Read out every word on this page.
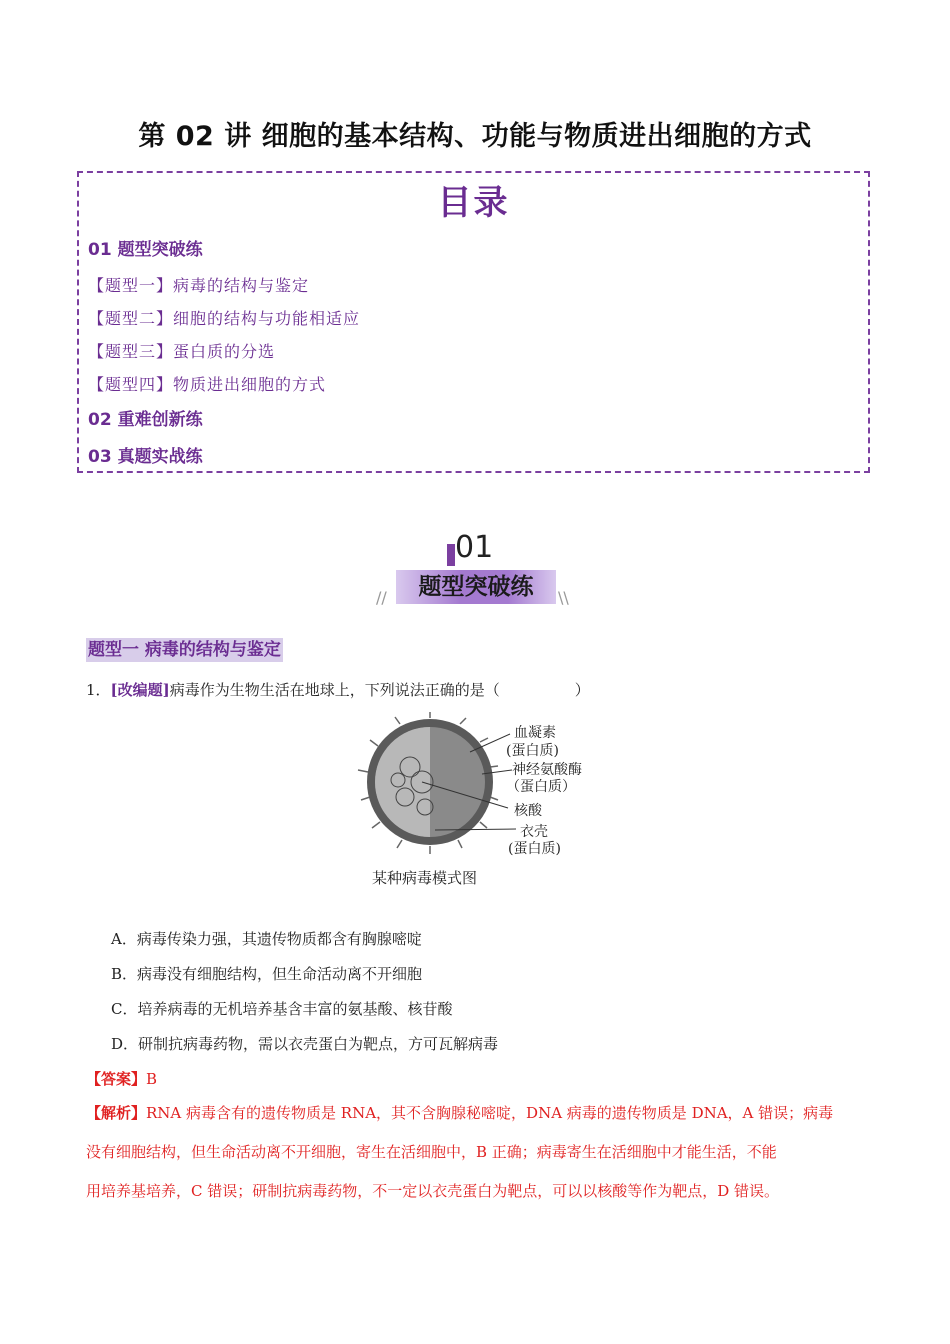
第 02 讲 细胞的基本结构、功能与物质进出细胞的方式
目录
01 题型突破练
【题型一】病毒的结构与鉴定
【题型二】细胞的结构与功能相适应
【题型三】蛋白质的分选
【题型四】物质进出细胞的方式
02 重难创新练
03 真题实战练
01
题型突破练
//	\\
题型一 病毒的结构与鉴定
1．[改编题]病毒作为生物生活在地球上，下列说法正确的是（　　　　　）
血凝素
(蛋白质)
神经氨酸酶
（蛋白质）
核酸
衣壳
(蛋白质)
某种病毒模式图
A．病毒传染力强，其遗传物质都含有胸腺嘧啶
B．病毒没有细胞结构，但生命活动离不开细胞
C．培养病毒的无机培养基含丰富的氨基酸、核苷酸
D．研制抗病毒药物，需以衣壳蛋白为靶点，方可瓦解病毒
【答案】B
【解析】RNA 病毒含有的遗传物质是 RNA，其不含胸腺秘嘧啶，DNA 病毒的遗传物质是 DNA，A 错误；病毒
没有细胞结构，但生命活动离不开细胞，寄生在活细胞中，B 正确；病毒寄生在活细胞中才能生活，不能
用培养基培养，C 错误；研制抗病毒药物，不一定以衣壳蛋白为靶点，可以以核酸等作为靶点，D 错误。
